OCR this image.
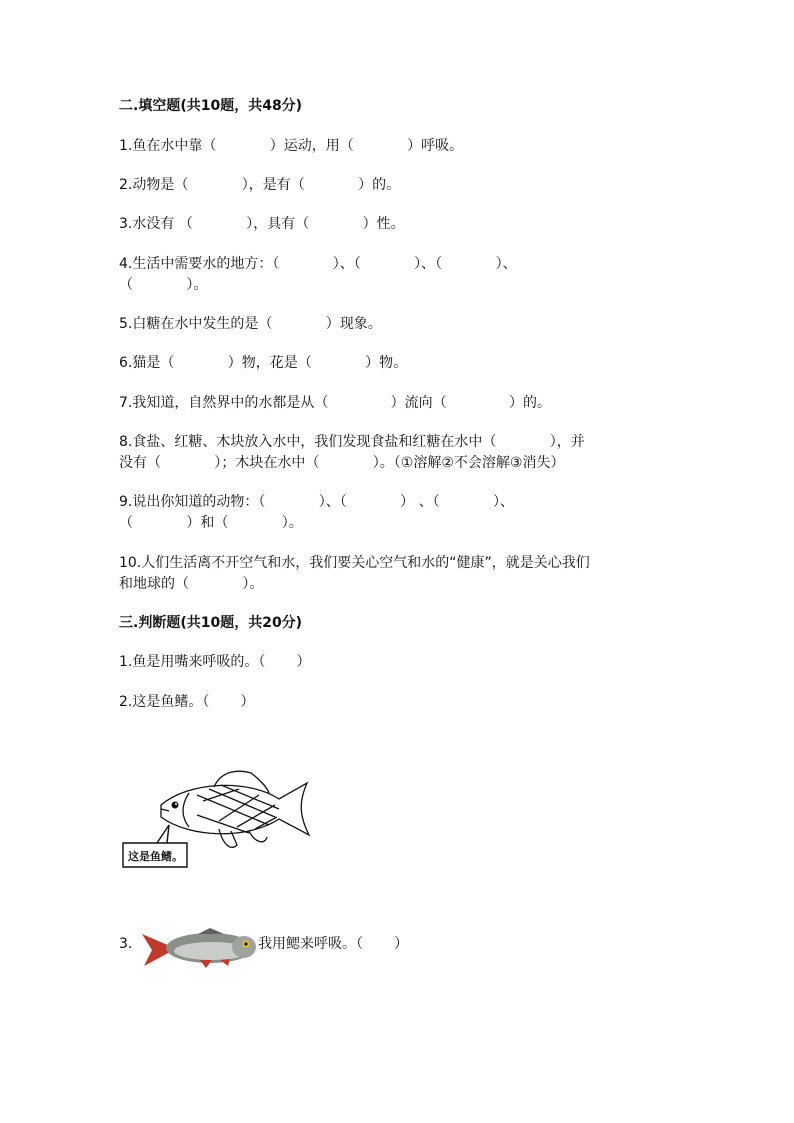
二.填空题(共10题，共48分)
1.鱼在水中靠（            ）运动，用（            ）呼吸。
2.动物是（            ），是有（            ）的。
3.水没有 （            ），具有（            ）性。
4.生活中需要水的地方：（            ）、（            ）、（            ）、
（            ）。
5.白糖在水中发生的是（            ）现象。
6.猫是（            ）物，花是（            ）物。
7.我知道，自然界中的水都是从（              ）流向（              ）的。
8.食盐、红糖、木块放入水中，我们发现食盐和红糖在水中（            ），并
没有（            ）；木块在水中（            ）。（①溶解②不会溶解③消失）
9.说出你知道的动物：（            ）、（            ） 、（            ）、
（            ）和（            ）。
10.人们生活离不开空气和水，我们要关心空气和水的“健康”，就是关心我们
和地球的（            ）。
三.判断题(共10题，共20分)
1.鱼是用嘴来呼吸的。（       ）
2.这是鱼鳍。（       ）
这是鱼鳍。
3.	我用鳃来呼吸。（       ）
